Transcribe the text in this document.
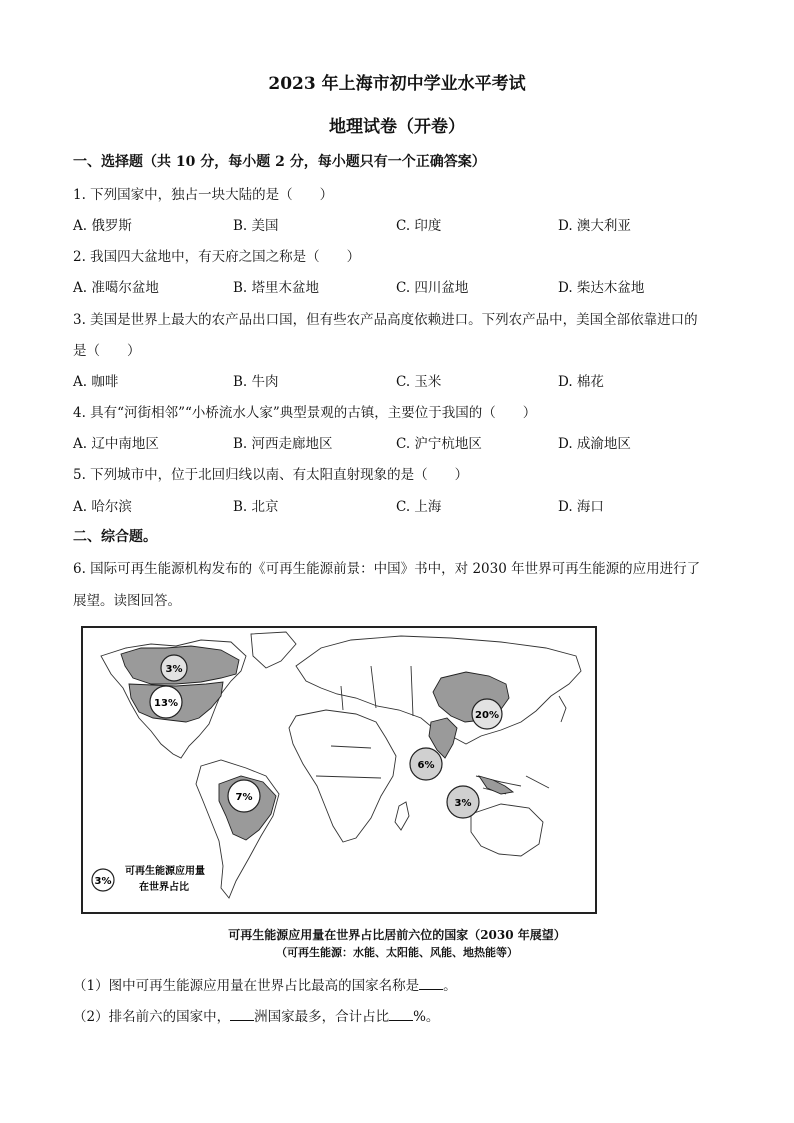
2023 年上海市初中学业水平考试
地理试卷（开卷）
一、选择题（共 10 分，每小题 2 分，每小题只有一个正确答案）
1. 下列国家中，独占一块大陆的是（　　）
A. 俄罗斯	B. 美国	C. 印度	D. 澳大利亚
2. 我国四大盆地中，有天府之国之称是（　　）
A. 准噶尔盆地	B. 塔里木盆地	C. 四川盆地	D. 柴达木盆地
3. 美国是世界上最大的农产品出口国，但有些农产品高度依赖进口。下列农产品中，美国全部依靠进口的
是（　　）
A. 咖啡	B. 牛肉	C. 玉米	D. 棉花
4. 具有“河街相邻”“小桥流水人家”典型景观的古镇，主要位于我国的（　　）
A. 辽中南地区	B. 河西走廊地区	C. 沪宁杭地区	D. 成渝地区
5. 下列城市中，位于北回归线以南、有太阳直射现象的是（　　）
A. 哈尔滨	B. 北京	C. 上海	D. 海口
二、综合题。
6. 国际可再生能源机构发布的《可再生能源前景：中国》书中，对 2030 年世界可再生能源的应用进行了
展望。读图回答。
3%
13%
20%
6%
3%
7%
3%
可再生能源应用量
在世界占比
可再生能源应用量在世界占比居前六位的国家（2030 年展望）
（可再生能源：水能、太阳能、风能、地热能等）
（1）图中可再生能源应用量在世界占比最高的国家名称是 。
（2）排名前六的国家中， 洲国家最多，合计占比 %。
